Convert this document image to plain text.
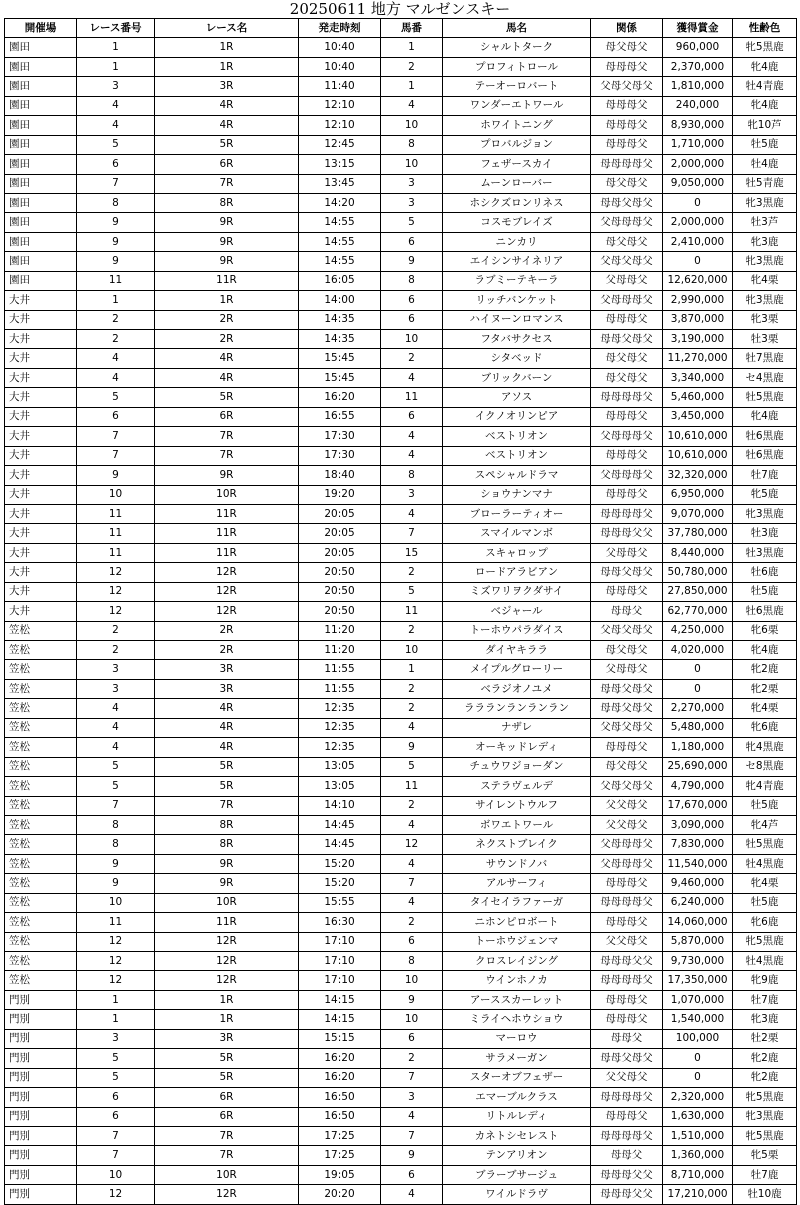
20250611 地方 マルゼンスキー
開催場	レース番号	レース名	発走時刻	馬番	馬名	関係	獲得賞金	性齢色
園田	1	1R	10:40	1	シャルトターク	母父母父	960,000	牝5黒鹿
園田	1	1R	10:40	2	プロフィトロール	母母母父	2,370,000	牝4鹿
園田	3	3R	11:40	1	テーオーロバート	父母父母父	1,810,000	牡4青鹿
園田	4	4R	12:10	4	ワンダーエトワール	母母母父	240,000	牝4鹿
園田	4	4R	12:10	10	ホワイトニング	母母母父	8,930,000	牝10芦
園田	5	5R	12:45	8	プロバルジョン	母母母父	1,710,000	牡5鹿
園田	6	6R	13:15	10	フェザースカイ	母母母母父	2,000,000	牡4鹿
園田	7	7R	13:45	3	ムーンローバー	母父母父	9,050,000	牡5青鹿
園田	8	8R	14:20	3	ホシクズロンリネス	母母父母父	0	牝3黒鹿
園田	9	9R	14:55	5	コスモブレイズ	父母母母父	2,000,000	牡3芦
園田	9	9R	14:55	6	ニンカリ	母父母父	2,410,000	牝3鹿
園田	9	9R	14:55	9	エイシンサイネリア	父母父母父	0	牝3黒鹿
園田	11	11R	16:05	8	ラブミーテキーラ	父母母父	12,620,000	牝4栗
大井	1	1R	14:00	6	リッチバンケット	父母母母父	2,990,000	牝3黒鹿
大井	2	2R	14:35	6	ハイヌーンロマンス	母母母父	3,870,000	牝3栗
大井	2	2R	14:35	10	フタバサクセス	母母父母父	3,190,000	牡3栗
大井	4	4R	15:45	2	シタベッド	母父母父	11,270,000	牡7黒鹿
大井	4	4R	15:45	4	ブリックバーン	母父母父	3,340,000	セ4黒鹿
大井	5	5R	16:20	11	アソス	母母母母父	5,460,000	牡5黒鹿
大井	6	6R	16:55	6	イクノオリンピア	母母母父	3,450,000	牝4鹿
大井	7	7R	17:30	4	ベストリオン	父母母母父	10,610,000	牡6黒鹿
大井	7	7R	17:30	4	ベストリオン	母母母父	10,610,000	牡6黒鹿
大井	9	9R	18:40	8	スペシャルドラマ	父母母母父	32,320,000	牡7鹿
大井	10	10R	19:20	3	ショウナンマナ	母母母父	6,950,000	牝5鹿
大井	11	11R	20:05	4	ブローラーティオー	母母母母父	9,070,000	牝3黒鹿
大井	11	11R	20:05	7	スマイルマンボ	母母母父父	37,780,000	牡3鹿
大井	11	11R	20:05	15	スキャロップ	父母母父	8,440,000	牡3黒鹿
大井	12	12R	20:50	2	ロードアラビアン	母母父母父	50,780,000	牡6鹿
大井	12	12R	20:50	5	ミズワリヲクダサイ	母母母父	27,850,000	牡5鹿
大井	12	12R	20:50	11	ベジャール	母母父	62,770,000	牡6黒鹿
笠松	2	2R	11:20	2	トーホウパラダイス	父母父母父	4,250,000	牝6栗
笠松	2	2R	11:20	10	ダイヤキララ	母父母父	4,020,000	牝4鹿
笠松	3	3R	11:55	1	メイプルグローリー	父母母父	0	牝2鹿
笠松	3	3R	11:55	2	ベラジオノユメ	母母父母父	0	牝2栗
笠松	4	4R	12:35	2	ララランランランラン	母母父母父	2,270,000	牝4栗
笠松	4	4R	12:35	4	ナザレ	父母父母父	5,480,000	牝6鹿
笠松	4	4R	12:35	9	オーキッドレディ	母母母父	1,180,000	牝4黒鹿
笠松	5	5R	13:05	5	チュウワジョーダン	母父母父	25,690,000	セ8黒鹿
笠松	5	5R	13:05	11	ステラヴェルデ	父母父母父	4,790,000	牝4青鹿
笠松	7	7R	14:10	2	サイレントウルフ	父父母父	17,670,000	牡5鹿
笠松	8	8R	14:45	4	ボワエトワール	父父母父	3,090,000	牝4芦
笠松	8	8R	14:45	12	ネクストブレイク	父母母母父	7,830,000	牡5黒鹿
笠松	9	9R	15:20	4	サウンドノバ	父母母母父	11,540,000	牡4黒鹿
笠松	9	9R	15:20	7	アルサーフィ	母母母父	9,460,000	牝4栗
笠松	10	10R	15:55	4	タイセイラファーガ	母母母母父	6,240,000	牡5鹿
笠松	11	11R	16:30	2	ニホンピロボート	母母母父	14,060,000	牝6鹿
笠松	12	12R	17:10	6	トーホウジェンマ	父父母父	5,870,000	牝5黒鹿
笠松	12	12R	17:10	8	クロスレイジング	母母母父父	9,730,000	牡4黒鹿
笠松	12	12R	17:10	10	ウインホノカ	母母母母父	17,350,000	牝9鹿
門別	1	1R	14:15	9	アーススカーレット	母母母父	1,070,000	牡7鹿
門別	1	1R	14:15	10	ミライヘホウショウ	母母母父	1,540,000	牝3鹿
門別	3	3R	15:15	6	マーロウ	母母父	100,000	牡2栗
門別	5	5R	16:20	2	サラメーガン	母母父母父	0	牝2鹿
門別	5	5R	16:20	7	スターオブフェザー	父父母父	0	牝2鹿
門別	6	6R	16:50	3	エマーブルクラス	母母母母父	2,320,000	牝5黒鹿
門別	6	6R	16:50	4	リトルレディ	母母母父	1,630,000	牝3黒鹿
門別	7	7R	17:25	7	カネトシセレスト	母母母母父	1,510,000	牝5黒鹿
門別	7	7R	17:25	9	テンアリオン	母母父	1,360,000	牝5栗
門別	10	10R	19:05	6	ブラーブサージュ	母母母父父	8,710,000	牡7鹿
門別	12	12R	20:20	4	ワイルドラヴ	母母母父父	17,210,000	牡10鹿
